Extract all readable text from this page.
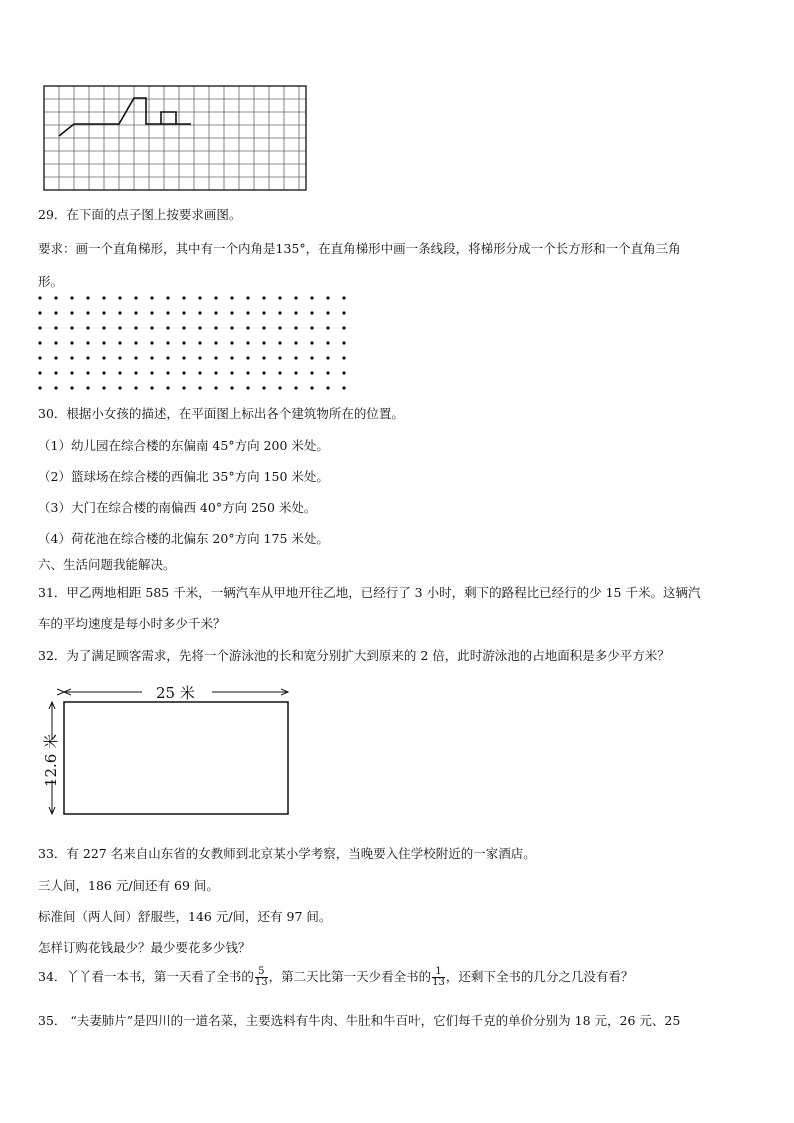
29．在下面的点子图上按要求画图。
要求：画一个直角梯形，其中有一个内角是135°，在直角梯形中画一条线段，将梯形分成一个长方形和一个直角三角
形。
30．根据小女孩的描述，在平面图上标出各个建筑物所在的位置。
（1）幼儿园在综合楼的东偏南 45°方向 200 米处。
（2）篮球场在综合楼的西偏北 35°方向 150 米处。
（3）大门在综合楼的南偏西 40°方向 250 米处。
（4）荷花池在综合楼的北偏东 20°方向 175 米处。
六、生活问题我能解决。
31．甲乙两地相距 585 千米，一辆汽车从甲地开往乙地，已经行了 3 小时，剩下的路程比已经行的少 15 千米。这辆汽
车的平均速度是每小时多少千米？
32．为了满足顾客需求，先将一个游泳池的长和宽分别扩大到原来的 2 倍，此时游泳池的占地面积是多少平方米？
25 米
12.6 米
33．有 227 名来自山东省的女教师到北京某小学考察，当晚要入住学校附近的一家酒店。
三人间，186 元/间还有 69 间。
标准间（两人间）舒服些，146 元/间，还有 97 间。
怎样订购花钱最少？最少要花多少钱？
34．丫丫看一本书，第一天看了全书的 $\frac{5}{13}$ ，第二天比第一天少看全书的 $\frac{1}{13}$ ，还剩下全书的几分之几没有看？
35． “夫妻肺片”是四川的一道名菜，主要选料有牛肉、牛肚和牛百叶，它们每千克的单价分别为 18 元，26 元、25
